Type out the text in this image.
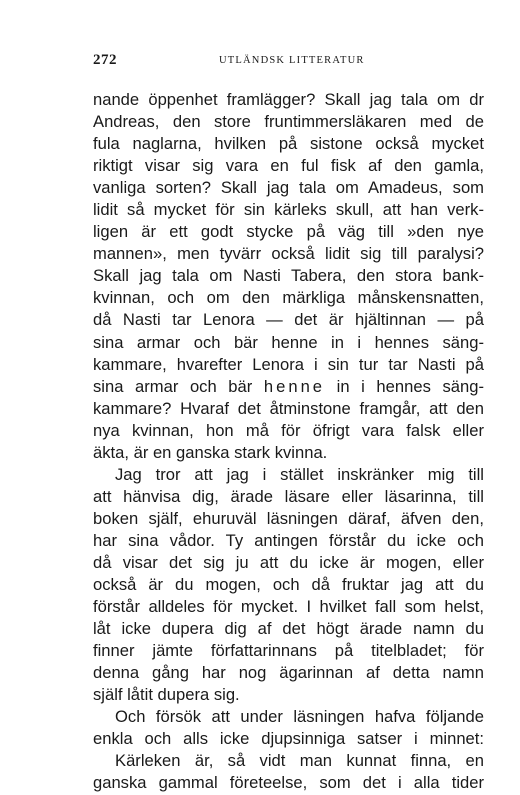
272	UTLÄNDSK LITTERATUR
nande öppenhet framlägger? Skall jag tala om dr
Andreas, den store fruntimmersläkaren med de
fula naglarna, hvilken på sistone också mycket
riktigt visar sig vara en ful fisk af den gamla,
vanliga sorten? Skall jag tala om Amadeus, som
lidit så mycket för sin kärleks skull, att han verk-
ligen är ett godt stycke på väg till »den nye
mannen», men tyvärr också lidit sig till paralysi?
Skall jag tala om Nasti Tabera, den stora bank-
kvinnan, och om den märkliga månskensnatten,
då Nasti tar Lenora — det är hjältinnan — på
sina armar och bär henne in i hennes säng-
kammare, hvarefter Lenora i sin tur tar Nasti på
sina armar och bär henne in i hennes säng-
kammare? Hvaraf det åtminstone framgår, att den
nya kvinnan, hon må för öfrigt vara falsk eller
äkta, är en ganska stark kvinna.
Jag tror att jag i stället inskränker mig till
att hänvisa dig, ärade läsare eller läsarinna, till
boken själf, ehuruväl läsningen däraf, äfven den,
har sina vådor. Ty antingen förstår du icke och
då visar det sig ju att du icke är mogen, eller
också är du mogen, och då fruktar jag att du
förstår alldeles för mycket. I hvilket fall som helst,
låt icke dupera dig af det högt ärade namn du
finner jämte författarinnans på titelbladet; för
denna gång har nog ägarinnan af detta namn
själf låtit dupera sig.
Och försök att under läsningen hafva följande
enkla och alls icke djupsinniga satser i minnet:
Kärleken är, så vidt man kunnat finna, en
ganska gammal företeelse, som det i alla tider
